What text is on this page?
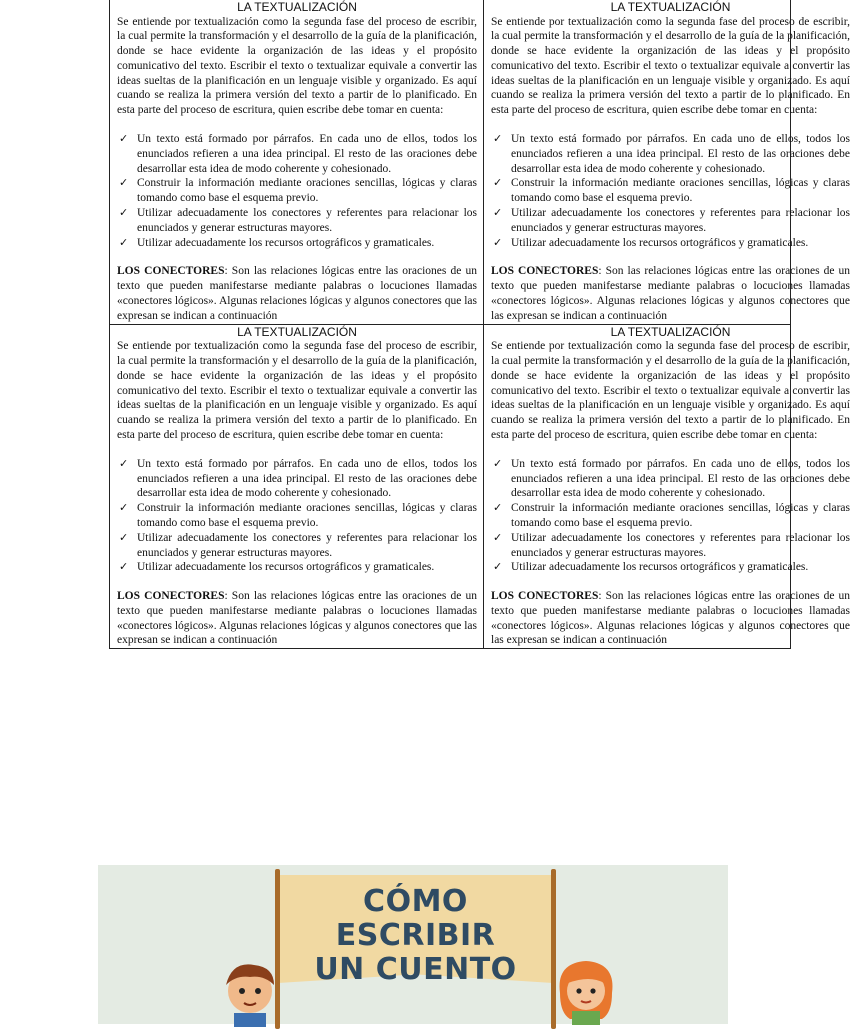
LA TEXTUALIZACIÓN

Se entiende por textualización como la segunda fase del proceso de escribir, la cual permite la transformación y el desarrollo de la guía de la planificación, donde se hace evidente la organización de las ideas y el propósito comunicativo del texto. Escribir el texto o textualizar equivale a convertir las ideas sueltas de la planificación en un lenguaje visible y organizado. Es aquí cuando se realiza la primera versión del texto a partir de lo planificado. En esta parte del proceso de escritura, quien escribe debe tomar en cuenta:

✓ Un texto está formado por párrafos. En cada uno de ellos, todos los enunciados refieren a una idea principal. El resto de las oraciones debe desarrollar esta idea de modo coherente y cohesionado.
✓ Construir la información mediante oraciones sencillas, lógicas y claras tomando como base el esquema previo.
✓ Utilizar adecuadamente los conectores y referentes para relacionar los enunciados y generar estructuras mayores.
✓ Utilizar adecuadamente los recursos ortográficos y gramaticales.

LOS CONECTORES: Son las relaciones lógicas entre las oraciones de un texto que pueden manifestarse mediante palabras o locuciones llamadas «conectores lógicos». Algunas relaciones lógicas y algunos conectores que las expresan se indican a continuación

LA TEXTUALIZACIÓN

Se entiende por textualización como la segunda fase del proceso de escribir, la cual permite la transformación y el desarrollo de la guía de la planificación, donde se hace evidente la organización de las ideas y el propósito comunicativo del texto. Escribir el texto o textualizar equivale a convertir las ideas sueltas de la planificación en un lenguaje visible y organizado. Es aquí cuando se realiza la primera versión del texto a partir de lo planificado. En esta parte del proceso de escritura, quien escribe debe tomar en cuenta:

✓ Un texto está formado por párrafos. En cada uno de ellos, todos los enunciados refieren a una idea principal. El resto de las oraciones debe desarrollar esta idea de modo coherente y cohesionado.
✓ Construir la información mediante oraciones sencillas, lógicas y claras tomando como base el esquema previo.
✓ Utilizar adecuadamente los conectores y referentes para relacionar los enunciados y generar estructuras mayores.
✓ Utilizar adecuadamente los recursos ortográficos y gramaticales.

LOS CONECTORES: Son las relaciones lógicas entre las oraciones de un texto que pueden manifestarse mediante palabras o locuciones llamadas «conectores lógicos». Algunas relaciones lógicas y algunos conectores que las expresan se indican a continuación

LA TEXTUALIZACIÓN

Se entiende por textualización como la segunda fase del proceso de escribir, la cual permite la transformación y el desarrollo de la guía de la planificación, donde se hace evidente la organización de las ideas y el propósito comunicativo del texto. Escribir el texto o textualizar equivale a convertir las ideas sueltas de la planificación en un lenguaje visible y organizado. Es aquí cuando se realiza la primera versión del texto a partir de lo planificado. En esta parte del proceso de escritura, quien escribe debe tomar en cuenta:

✓ Un texto está formado por párrafos. En cada uno de ellos, todos los enunciados refieren a una idea principal. El resto de las oraciones debe desarrollar esta idea de modo coherente y cohesionado.
✓ Construir la información mediante oraciones sencillas, lógicas y claras tomando como base el esquema previo.
✓ Utilizar adecuadamente los conectores y referentes para relacionar los enunciados y generar estructuras mayores.
✓ Utilizar adecuadamente los recursos ortográficos y gramaticales.

LOS CONECTORES: Son las relaciones lógicas entre las oraciones de un texto que pueden manifestarse mediante palabras o locuciones llamadas «conectores lógicos». Algunas relaciones lógicas y algunos conectores que las expresan se indican a continuación

LA TEXTUALIZACIÓN

Se entiende por textualización como la segunda fase del proceso de escribir, la cual permite la transformación y el desarrollo de la guía de la planificación, donde se hace evidente la organización de las ideas y el propósito comunicativo del texto. Escribir el texto o textualizar equivale a convertir las ideas sueltas de la planificación en un lenguaje visible y organizado. Es aquí cuando se realiza la primera versión del texto a partir de lo planificado. En esta parte del proceso de escritura, quien escribe debe tomar en cuenta:

✓ Un texto está formado por párrafos. En cada uno de ellos, todos los enunciados refieren a una idea principal. El resto de las oraciones debe desarrollar esta idea de modo coherente y cohesionado.
✓ Construir la información mediante oraciones sencillas, lógicas y claras tomando como base el esquema previo.
✓ Utilizar adecuadamente los conectores y referentes para relacionar los enunciados y generar estructuras mayores.
✓ Utilizar adecuadamente los recursos ortográficos y gramaticales.

LOS CONECTORES: Son las relaciones lógicas entre las oraciones de un texto que pueden manifestarse mediante palabras o locuciones llamadas «conectores lógicos». Algunas relaciones lógicas y algunos conectores que las expresan se indican a continuación

CÓMO ESCRIBIR
UN CUENTO
